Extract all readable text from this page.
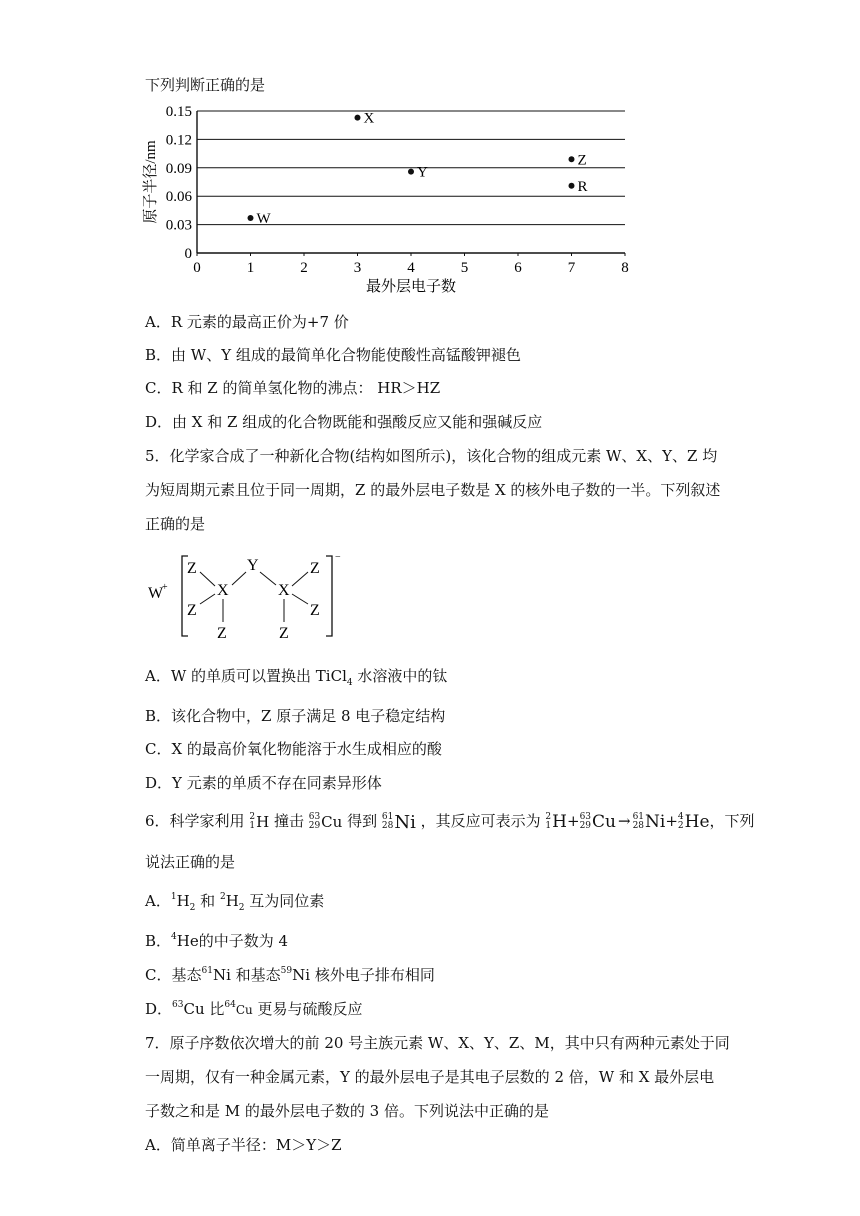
下列判断正确的是
0
0.03
0.06
0.09
0.12
0.15
0	1	2	3	4	5	6	7	8
最外层电子数
原子半径/nm	W
X
Y
Z
R
A．R 元素的最高正价为+7 价
B．由 W、Y 组成的最简单化合物能使酸性高锰酸钾褪色
C．R 和 Z 的简单氢化物的沸点： HR＞HZ
D．由 X 和 Z 组成的化合物既能和强酸反应又能和强碱反应
5．化学家合成了一种新化合物(结构如图所示)，该化合物的组成元素 W、X、Y、Z 均
为短周期元素且位于同一周期，Z 的最外层电子数是 X 的核外电子数的一半。下列叙述
正确的是
W
+
−
Z
Z
X
Z
Y
X
Z
Z
Z
A．W 的单质可以置换出 TiCl$_4$ 水溶液中的钛
B．该化合物中，Z 原子满足 8 电子稳定结构
C．X 的最高价氧化物能溶于水生成相应的酸
D．Y 元素的单质不存在同素异形体
6．科学家利用 2
1 H 撞击 63
29 Cu 得到 61
28 Ni ，其反应可表示为 2
1 H + 63
29 Cu → 61
28 Ni + 4
2 He ，下列
说法正确的是
A．$^1H_2$ 和 $^2H_2$ 互为同位素
B．$^4$He的中子数为 4
C．基态$^{61}$Ni 和基态$^{59}$Ni 核外电子排布相同
D．$^{63}$Cu 比$^{64}$Cu 更易与硫酸反应
7．原子序数依次增大的前 20 号主族元素 W、X、Y、Z、M，其中只有两种元素处于同
一周期，仅有一种金属元素，Y 的最外层电子是其电子层数的 2 倍，W 和 X 最外层电
子数之和是 M 的最外层电子数的 3 倍。下列说法中正确的是
A．简单离子半径：M＞Y＞Z
